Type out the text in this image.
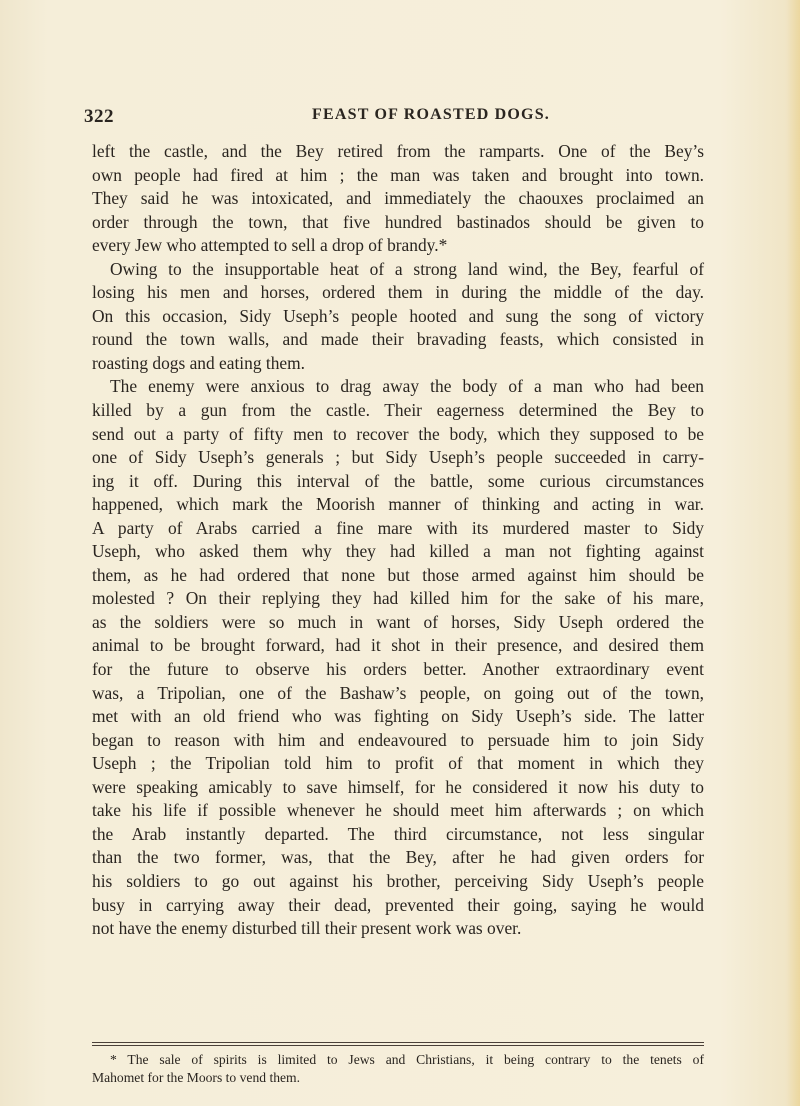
322	FEAST OF ROASTED DOGS.
left the castle, and the Bey retired from the ramparts. One of the Bey’s
own people had fired at him ; the man was taken and brought into town.
They said he was intoxicated, and immediately the chaouxes proclaimed an
order through the town, that five hundred bastinados should be given to
every Jew who attempted to sell a drop of brandy.*
Owing to the insupportable heat of a strong land wind, the Bey, fearful of
losing his men and horses, ordered them in during the middle of the day.
On this occasion, Sidy Useph’s people hooted and sung the song of victory
round the town walls, and made their bravading feasts, which consisted in
roasting dogs and eating them.
The enemy were anxious to drag away the body of a man who had been
killed by a gun from the castle. Their eagerness determined the Bey to
send out a party of fifty men to recover the body, which they supposed to be
one of Sidy Useph’s generals ; but Sidy Useph’s people succeeded in carry-
ing it off. During this interval of the battle, some curious circumstances
happened, which mark the Moorish manner of thinking and acting in war.
A party of Arabs carried a fine mare with its murdered master to Sidy
Useph, who asked them why they had killed a man not fighting against
them, as he had ordered that none but those armed against him should be
molested ? On their replying they had killed him for the sake of his mare,
as the soldiers were so much in want of horses, Sidy Useph ordered the
animal to be brought forward, had it shot in their presence, and desired them
for the future to observe his orders better. Another extraordinary event
was, a Tripolian, one of the Bashaw’s people, on going out of the town,
met with an old friend who was fighting on Sidy Useph’s side. The latter
began to reason with him and endeavoured to persuade him to join Sidy
Useph ; the Tripolian told him to profit of that moment in which they
were speaking amicably to save himself, for he considered it now his duty to
take his life if possible whenever he should meet him afterwards ; on which
the Arab instantly departed. The third circumstance, not less singular
than the two former, was, that the Bey, after he had given orders for
his soldiers to go out against his brother, perceiving Sidy Useph’s people
busy in carrying away their dead, prevented their going, saying he would
not have the enemy disturbed till their present work was over.
* The sale of spirits is limited to Jews and Christians, it being contrary to the tenets of
Mahomet for the Moors to vend them.
